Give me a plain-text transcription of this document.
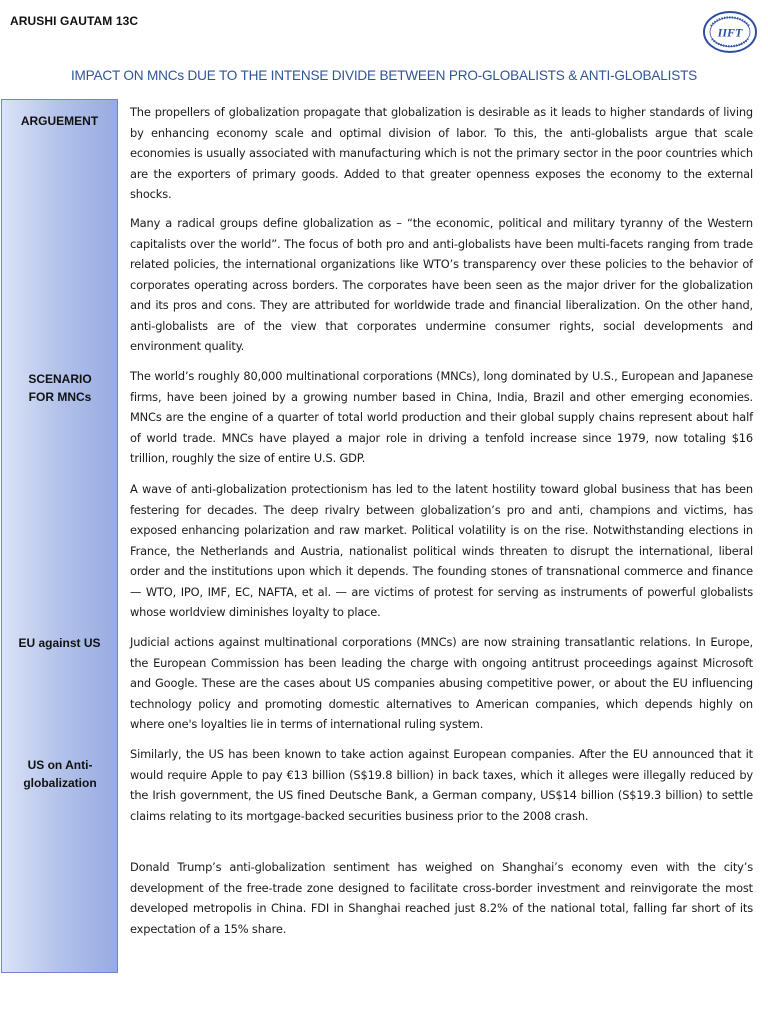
ARUSHI GAUTAM 13C
IIFT
IMPACT ON MNCs DUE TO THE INTENSE DIVIDE BETWEEN PRO-GLOBALISTS & ANTI-GLOBALISTS
ARGUEMENT
SCENARIO FOR MNCs
EU against US
US on Anti-globalization

The propellers of globalization propagate that globalization is desirable as it leads to higher standards of living by enhancing economy scale and optimal division of labor. To this, the anti-globalists argue that scale economies is usually associated with manufacturing which is not the primary sector in the poor countries which are the exporters of primary goods. Added to that greater openness exposes the economy to the external shocks.

Many a radical groups define globalization as – “the economic, political and military tyranny of the Western capitalists over the world”. The focus of both pro and anti-globalists have been multi-facets ranging from trade related policies, the international organizations like WTO’s transparency over these policies to the behavior of corporates operating across borders. The corporates have been seen as the major driver for the globalization and its pros and cons. They are attributed for worldwide trade and financial liberalization. On the other hand, anti-globalists are of the view that corporates undermine consumer rights, social developments and environment quality.

The world’s roughly 80,000 multinational corporations (MNCs), long dominated by U.S., European and Japanese firms, have been joined by a growing number based in China, India, Brazil and other emerging economies. MNCs are the engine of a quarter of total world production and their global supply chains represent about half of world trade. MNCs have played a major role in driving a tenfold increase since 1979, now totaling $16 trillion, roughly the size of entire U.S. GDP.

A wave of anti-globalization protectionism has led to the latent hostility toward global business that has been festering for decades. The deep rivalry between globalization’s pro and anti, champions and victims, has exposed enhancing polarization and raw market. Political volatility is on the rise. Notwithstanding elections in France, the Netherlands and Austria, nationalist political winds threaten to disrupt the international, liberal order and the institutions upon which it depends. The founding stones of transnational commerce and finance — WTO, IPO, IMF, EC, NAFTA, et al. — are victims of protest for serving as instruments of powerful globalists whose worldview diminishes loyalty to place.

Judicial actions against multinational corporations (MNCs) are now straining transatlantic relations. In Europe, the European Commission has been leading the charge with ongoing antitrust proceedings against Microsoft and Google. These are the cases about US companies abusing competitive power, or about the EU influencing technology policy and promoting domestic alternatives to American companies, which depends highly on where one's loyalties lie in terms of international ruling system.

Similarly, the US has been known to take action against European companies. After the EU announced that it would require Apple to pay €13 billion (S$19.8 billion) in back taxes, which it alleges were illegally reduced by the Irish government, the US fined Deutsche Bank, a German company, US$14 billion (S$19.3 billion) to settle claims relating to its mortgage-backed securities business prior to the 2008 crash.

Donald Trump’s anti-globalization sentiment has weighed on Shanghai’s economy even with the city’s development of the free-trade zone designed to facilitate cross-border investment and reinvigorate the most developed metropolis in China. FDI in Shanghai reached just 8.2% of the national total, falling far short of its expectation of a 15% share.
